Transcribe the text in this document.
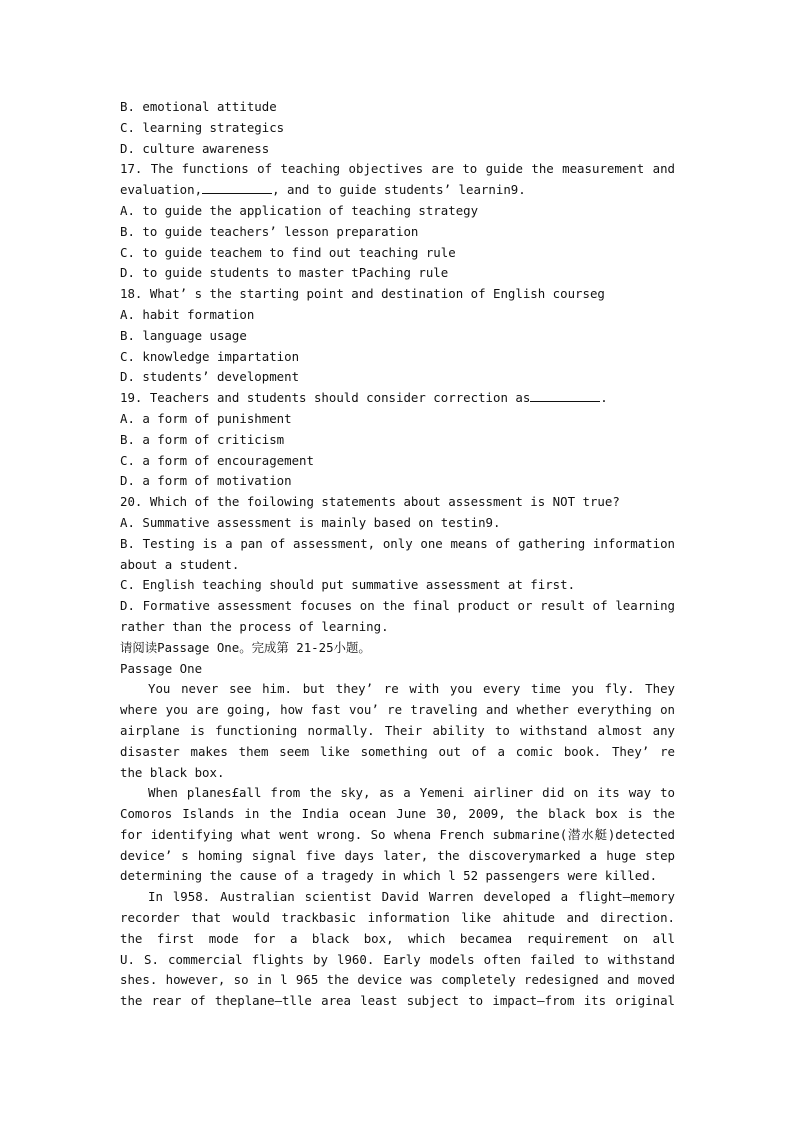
B. emotional attitude
C. learning strategics
D. culture awareness
17. The functions of teaching objectives are to guide the measurement and
evaluation,	, and to guide students’ learnin9.
A. to guide the application of teaching strategy
B. to guide teachers’ lesson preparation
C. to guide teachem to find out teaching rule
D. to guide students to master tPaching rule
18. What’ s the starting point and destination of English courseg
A. habit formation
B. language usage
C. knowledge impartation
D. students’ development
19. Teachers and students should consider correction as	.
A. a form of punishment
B. a form of criticism
C. a form of encouragement
D. a form of motivation
20. Which of the foilowing statements about assessment is NOT true?
A. Summative assessment is mainly based on testin9.
B. Testing is a pan of assessment, only one means of gathering information
about a student.
C. English teaching should put summative assessment at first.
D. Formative assessment focuses on the final product or result of learning
rather than the process of learning.
请阅读Passage One。完成第 21-25小题。
Passage One
You never see him. but they’ re with you every time you fly. They
where you are going, how fast vou’ re traveling and whether everything on
airplane is functioning normally. Their ability to withstand almost any
disaster makes them seem like something out of a comic book. They’ re
the black box.
When planes£all from the sky, as a Yemeni airliner did on its way to
Comoros Islands in the India ocean June 30, 2009, the black box is the
for identifying what went wrong. So whena French submarine(潜水艇)detected
device’ s homing signal five days later, the discoverymarked a huge step
determining the cause of a tragedy in which l 52 passengers were killed.
In l958. Australian scientist David Warren developed a flight—memory
recorder that would trackbasic information like ahitude and direction.
the first mode for a black box, which becamea requirement on all
U. S. commercial flights by l960. Early models often failed to withstand
shes. however, so in l 965 the device was completely redesigned and moved
the rear of theplane—tlle area least subject to impact—from its original
